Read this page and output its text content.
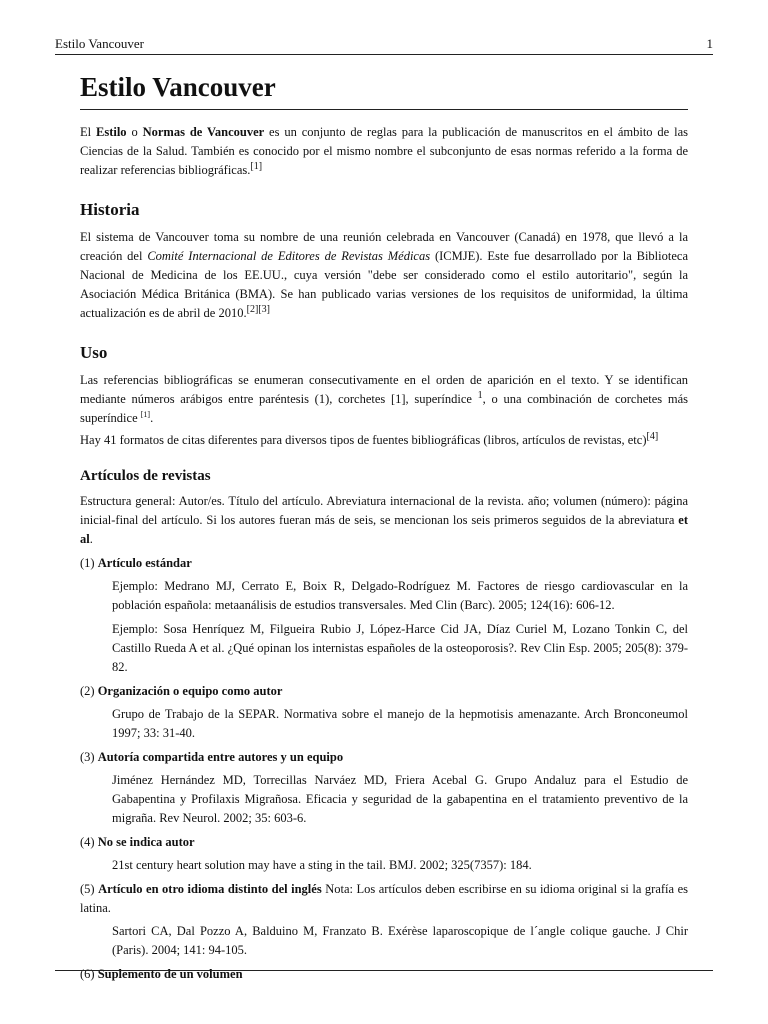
Estilo Vancouver	1
Estilo Vancouver

El Estilo o Normas de Vancouver es un conjunto de reglas para la publicación de manuscritos en el ámbito de las Ciencias de la Salud. También es conocido por el mismo nombre el subconjunto de esas normas referido a la forma de realizar referencias bibliográficas.[1]

Historia

El sistema de Vancouver toma su nombre de una reunión celebrada en Vancouver (Canadá) en 1978, que llevó a la creación del Comité Internacional de Editores de Revistas Médicas (ICMJE). Este fue desarrollado por la Biblioteca Nacional de Medicina de los EE.UU., cuya versión "debe ser considerado como el estilo autoritario", según la Asociación Médica Británica (BMA). Se han publicado varias versiones de los requisitos de uniformidad, la última actualización es de abril de 2010.[2][3]

Uso

Las referencias bibliográficas se enumeran consecutivamente en el orden de aparición en el texto. Y se identifican mediante números arábigos entre paréntesis (1), corchetes [1], superíndice $^1$, o una combinación de corchetes más superíndice [1].

Hay 41 formatos de citas diferentes para diversos tipos de fuentes bibliográficas (libros, artículos de revistas, etc)[4]

Artículos de revistas

Estructura general: Autor/es. Título del artículo. Abreviatura internacional de la revista. año; volumen (número): página inicial-final del artículo. Si los autores fueran más de seis, se mencionan los seis primeros seguidos de la abreviatura et al.

(1) Artículo estándar

Ejemplo: Medrano MJ, Cerrato E, Boix R, Delgado-Rodríguez M. Factores de riesgo cardiovascular en la población española: metaanálisis de estudios transversales. Med Clin (Barc). 2005; 124(16): 606-12.

Ejemplo: Sosa Henríquez M, Filgueira Rubio J, López-Harce Cid JA, Díaz Curiel M, Lozano Tonkin C, del Castillo Rueda A et al. ¿Qué opinan los internistas españoles de la osteoporosis?. Rev Clin Esp. 2005; 205(8): 379-82.

(2) Organización o equipo como autor

Grupo de Trabajo de la SEPAR. Normativa sobre el manejo de la hepmotisis amenazante. Arch Bronconeumol 1997; 33: 31-40.

(3) Autoría compartida entre autores y un equipo

Jiménez Hernández MD, Torrecillas Narváez MD, Friera Acebal G. Grupo Andaluz para el Estudio de Gabapentina y Profilaxis Migrañosa. Eficacia y seguridad de la gabapentina en el tratamiento preventivo de la migraña. Rev Neurol. 2002; 35: 603-6.

(4) No se indica autor

21st century heart solution may have a sting in the tail. BMJ. 2002; 325(7357): 184.

(5) Artículo en otro idioma distinto del inglés Nota: Los artículos deben escribirse en su idioma original si la grafía es latina.

Sartori CA, Dal Pozzo A, Balduino M, Franzato B. Exérèse laparoscopique de l´angle colique gauche. J Chir (Paris). 2004; 141: 94-105.

(6) Suplemento de un volumen
